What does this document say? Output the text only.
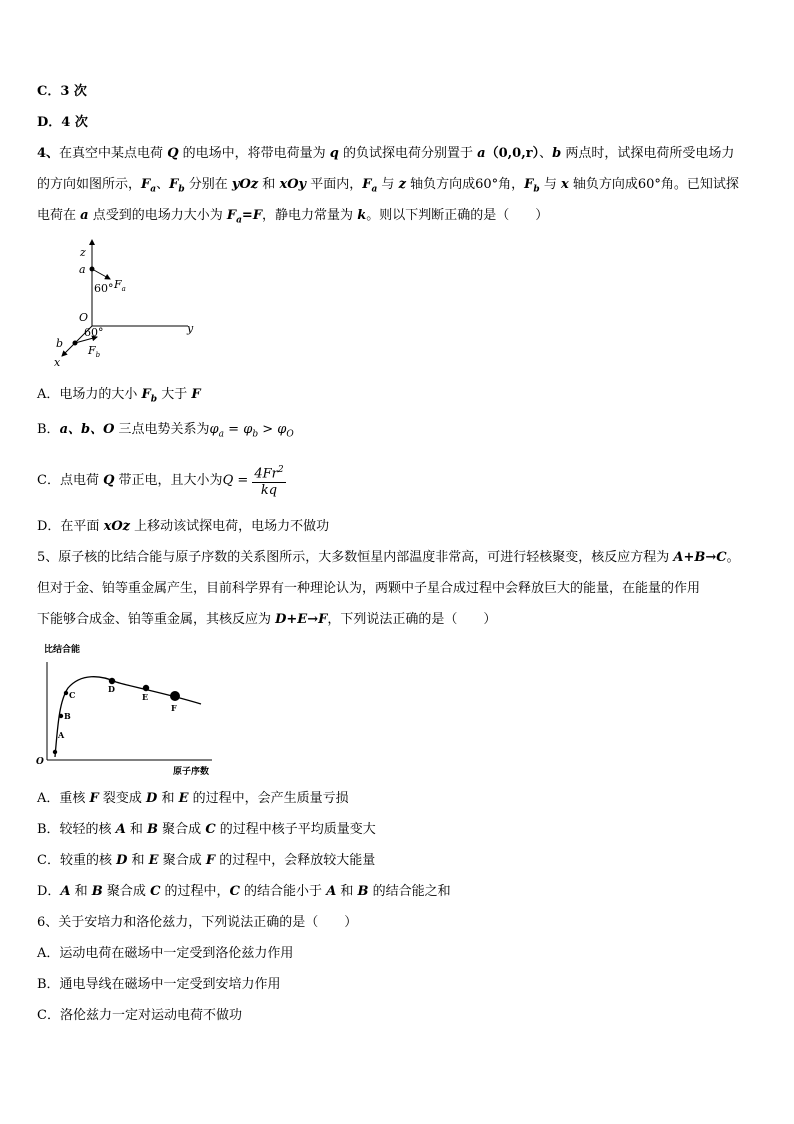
C．3 次
D．4 次
4、在真空中某点电荷 Q 的电场中，将带电荷量为 q 的负试探电荷分别置于 a（0,0,r）、b 两点时，试探电荷所受电场力
的方向如图所示，$F_a$、$F_b$ 分别在 yOz 和 xOy 平面内，$F_a$ 与 z 轴负方向成60°角，$F_b$ 与 x 轴负方向成60°角。已知试探
电荷在 a 点受到的电场力大小为 $F_a=F$，静电力常量为 k。则以下判断正确的是（　　）
z
a
60° $F_a$
O
y
60°
b
$F_b$
x
A．电场力的大小 $F_b$ 大于 F
B．a、b、O 三点电势关系为$\varphi_a = \varphi_b > \varphi_O$
C．点电荷 Q 带正电，且大小为$Q = \frac{4Fr^2}{kq}$
D．在平面 xOz 上移动该试探电荷，电场力不做功
5、原子核的比结合能与原子序数的关系图所示，大多数恒星内部温度非常高，可进行轻核聚变，核反应方程为 A+B→C。
但对于金、铂等重金属产生，目前科学界有一种理论认为，两颗中子星合成过程中会释放巨大的能量，在能量的作用
下能够合成金、铂等重金属，其核反应为 D+E→F，下列说法正确的是（　　）
比结合能
原子序数
O
A
B
C
D
E
F
A．重核 F 裂变成 D 和 E 的过程中，会产生质量亏损
B．较轻的核 A 和 B 聚合成 C 的过程中核子平均质量变大
C．较重的核 D 和 E 聚合成 F 的过程中，会释放较大能量
D．A 和 B 聚合成 C 的过程中，C 的结合能小于 A 和 B 的结合能之和
6、关于安培力和洛伦兹力，下列说法正确的是（　　）
A．运动电荷在磁场中一定受到洛伦兹力作用
B．通电导线在磁场中一定受到安培力作用
C．洛伦兹力一定对运动电荷不做功
